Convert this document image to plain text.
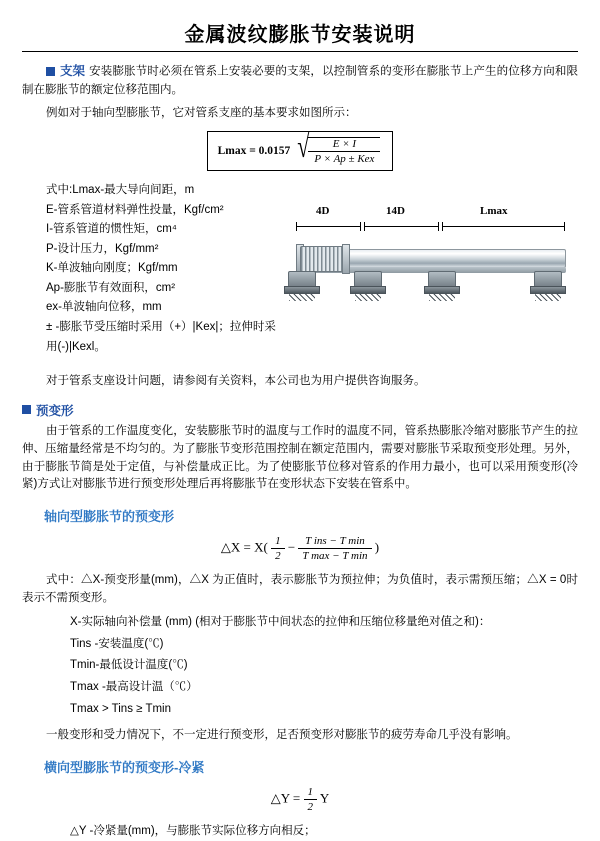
金属波纹膨胀节安装说明

支架 安装膨胀节时必须在管系上安装必要的支架，以控制管系的变形在膨胀节上产生的位移方向和限制在膨胀节的额定位移范围内。

例如对于轴向型膨胀节，它对管系支座的基本要求如图所示：

Lmax = 0.0157 √ $\frac{E \times I}{\text{P × Ap ± Kex}}$
式中:Lmax-最大导向间距，m
E-管系管道材料弹性投量，Kgf/cm²
I-管系管道的惯性矩，cm⁴
P-设计压力，Kgf/mm²
K-单波轴向刚度；Kgf/mm
Ap-膨胀节有效面积，cm²
ex-单波轴向位移，mm
± -膨胀节受压缩时采用（+）|Kex|；拉伸时采用(-)|Kexl。
4D	14D	Lmax

对于管系支座设计问题，请参阅有关资料，本公司也为用户提供咨询服务。

预变形

由于管系的工作温度变化，安装膨胀节时的温度与工作时的温度不同，管系热膨胀冷缩对膨胀节产生的拉伸、压缩量经常是不均匀的。为了膨胀节变形范围控制在额定范围内，需要对膨胀节采取预变形处理。另外，由于膨胀节简是处于定值，与补偿量成正比。为了使膨胀节位移对管系的作用力最小，也可以采用预变形(冷紧)方式让对膨胀节进行预变形处理后再将膨胀节在变形状态下安装在管系中。

轴向型膨胀节的预变形
△X = $X( \frac{1}{2} - \frac{\text{T ins − T min}}{\text{T max − T min}}$ )

式中：△X-预变形量(mm)，△X 为正值时，表示膨胀节为预拉伸；为负值时，表示需预压缩；△X = 0时表示不需预变形。

X-实际轴向补偿量 (mm) (相对于膨胀节中间状态的拉伸和压缩位移量绝对值之和)：
Tins -安装温度(℃)
Tmin-最低设计温度(℃)
Tmax -最高设计温（℃）
Tmax > Tins ≥ Tmin

一般变形和受力情况下，不一定进行预变形，足否预变形对膨胀节的疲劳寿命几乎没有影响。

横向型膨胀节的预变形-冷紧
△Y = $\frac{1}{2}$ Y

△Y -冷紧量(mm)，与膨胀节实际位移方向相反；
